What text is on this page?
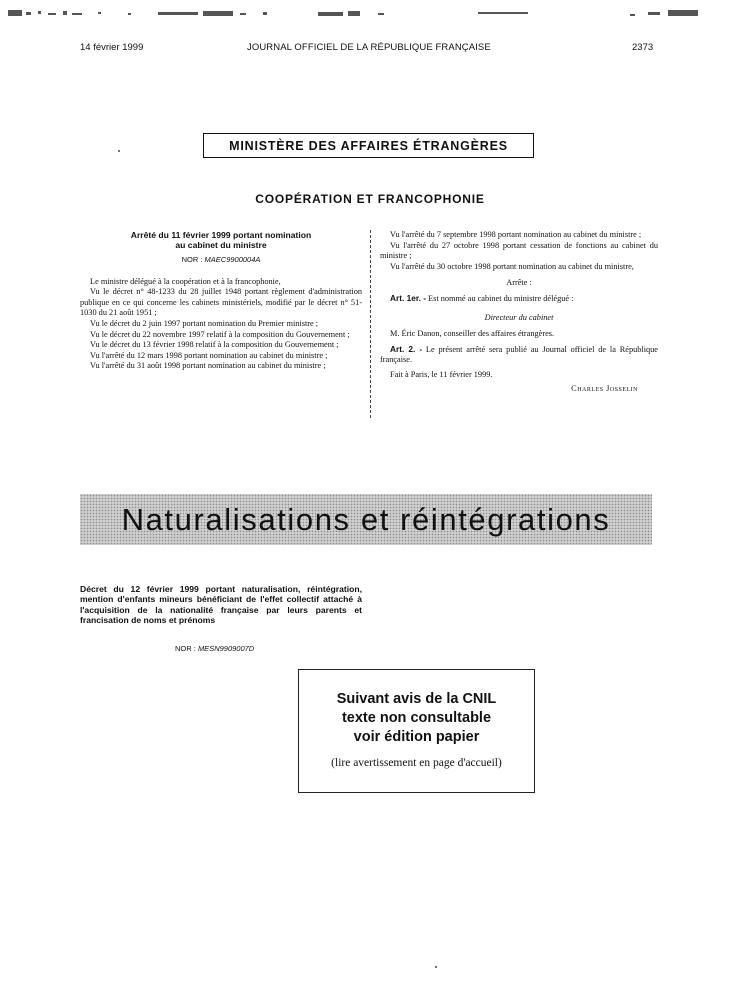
14 février 1999	JOURNAL OFFICIEL DE LA RÉPUBLIQUE FRANÇAISE	2373
MINISTÈRE DES AFFAIRES ÉTRANGÈRES
COOPÉRATION ET FRANCOPHONIE
Arrêté du 11 février 1999 portant nomination
au cabinet du ministre
NOR : MAEC9900004A

Le ministre délégué à la coopération et à la francophonie,

Vu le décret n° 48-1233 du 28 juillet 1948 portant règlement d'administration publique en ce qui concerne les cabinets ministériels, modifié par le décret n° 51-1030 du 21 août 1951 ;

Vu le décret du 2 juin 1997 portant nomination du Premier ministre ;

Vu le décret du 22 novembre 1997 relatif à la composition du Gouvernement ;

Vu le décret du 13 février 1998 relatif à la composition du Gouvernement ;

Vu l'arrêté du 12 mars 1998 portant nomination au cabinet du ministre ;

Vu l'arrêté du 31 août 1998 portant nomination au cabinet du ministre ;

Vu l'arrêté du 7 septembre 1998 portant nomination au cabinet du ministre ;

Vu l'arrêté du 27 octobre 1998 portant cessation de fonctions au cabinet du ministre ;

Vu l'arrêté du 30 octobre 1998 portant nomination au cabinet du ministre,

Arrête :

Art. 1er. - Est nommé au cabinet du ministre délégué :

Directeur du cabinet

M. Éric Danon, conseiller des affaires étrangères.

Art. 2. - Le présent arrêté sera publié au Journal officiel de la République française.

Fait à Paris, le 11 février 1999.

Charles Josselin
Naturalisations et réintégrations
Décret du 12 février 1999 portant naturalisation, réintégration, mention d'enfants mineurs bénéficiant de l'effet collectif attaché à l'acquisition de la nationalité française par leurs parents et francisation de noms et prénoms
NOR : MESN9909007D
Suivant avis de la CNIL
texte non consultable
voir édition papier
(lire avertissement en page d'accueil)
